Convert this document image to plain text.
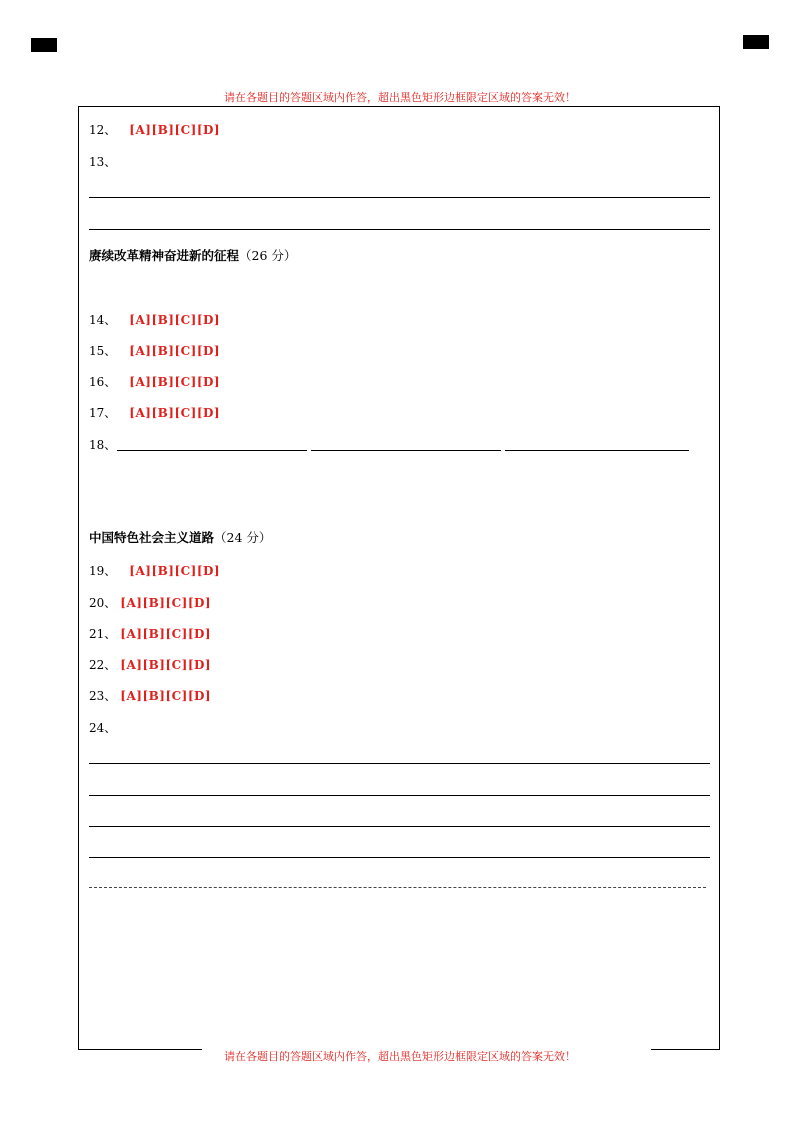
请在各题目的答题区域内作答，超出黑色矩形边框限定区域的答案无效！
12、 [A][B][C][D]
13、
赓续改革精神奋进新的征程（26 分）
14、 [A][B][C][D]
15、 [A][B][C][D]
16、 [A][B][C][D]
17、 [A][B][C][D]
18、
中国特色社会主义道路（24 分）
19、 [A][B][C][D]
20、 [A][B][C][D]
21、 [A][B][C][D]
22、 [A][B][C][D]
23、 [A][B][C][D]
24、
请在各题目的答题区域内作答，超出黑色矩形边框限定区域的答案无效！
